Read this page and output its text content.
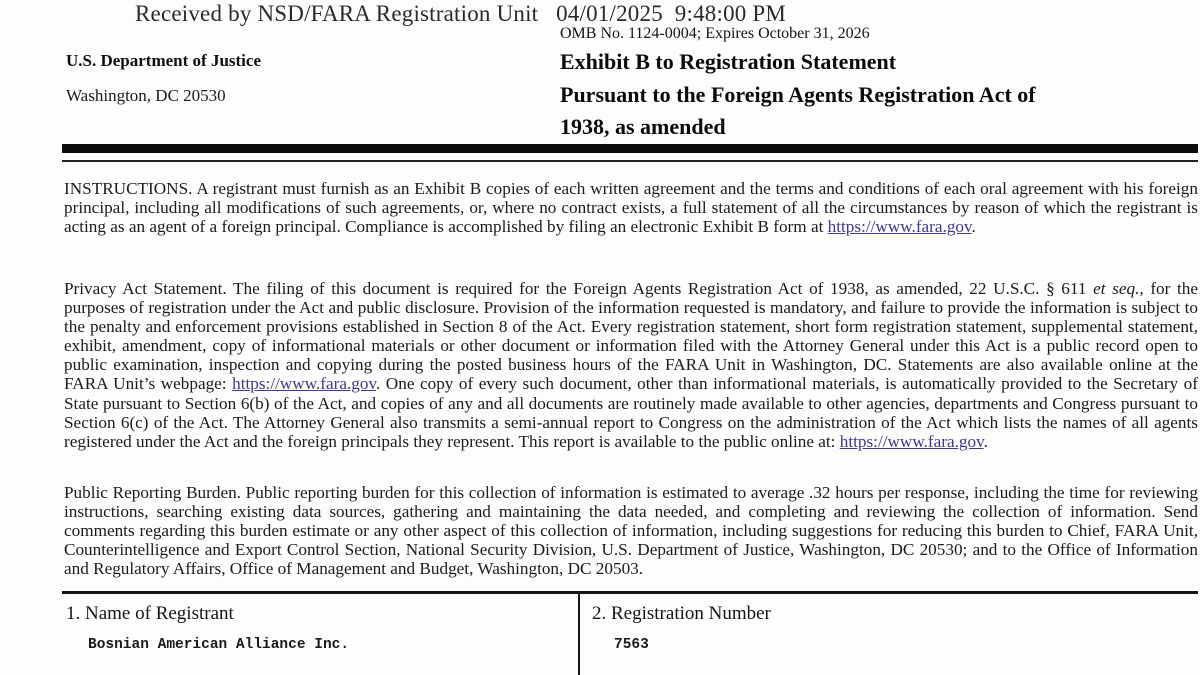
Received by NSD/FARA Registration Unit   04/01/2025  9:48:00 PM
OMB No. 1124-0004; Expires October 31, 2026
U.S. Department of Justice
Washington, DC 20530
Exhibit B to Registration Statement
Pursuant to the Foreign Agents Registration Act of
1938, as amended
INSTRUCTIONS. A registrant must furnish as an Exhibit B copies of each written agreement and the terms and conditions of each oral agreement with his foreign principal, including all modifications of such agreements, or, where no contract exists, a full statement of all the circumstances by reason of which the registrant is acting as an agent of a foreign principal. Compliance is accomplished by filing an electronic Exhibit B form at https://www.fara.gov.
Privacy Act Statement. The filing of this document is required for the Foreign Agents Registration Act of 1938, as amended, 22 U.S.C. § 611 et seq., for the purposes of registration under the Act and public disclosure. Provision of the information requested is mandatory, and failure to provide the information is subject to the penalty and enforcement provisions established in Section 8 of the Act. Every registration statement, short form registration statement, supplemental statement, exhibit, amendment, copy of informational materials or other document or information filed with the Attorney General under this Act is a public record open to public examination, inspection and copying during the posted business hours of the FARA Unit in Washington, DC. Statements are also available online at the FARA Unit’s webpage: https://www.fara.gov. One copy of every such document, other than informational materials, is automatically provided to the Secretary of State pursuant to Section 6(b) of the Act, and copies of any and all documents are routinely made available to other agencies, departments and Congress pursuant to Section 6(c) of the Act. The Attorney General also transmits a semi-annual report to Congress on the administration of the Act which lists the names of all agents registered under the Act and the foreign principals they represent. This report is available to the public online at: https://www.fara.gov.
Public Reporting Burden. Public reporting burden for this collection of information is estimated to average .32 hours per response, including the time for reviewing instructions, searching existing data sources, gathering and maintaining the data needed, and completing and reviewing the collection of information. Send comments regarding this burden estimate or any other aspect of this collection of information, including suggestions for reducing this burden to Chief, FARA Unit, Counterintelligence and Export Control Section, National Security Division, U.S. Department of Justice, Washington, DC 20530; and to the Office of Information and Regulatory Affairs, Office of Management and Budget, Washington, DC 20503.
1. Name of Registrant
Bosnian American Alliance Inc.
2. Registration Number
7563
